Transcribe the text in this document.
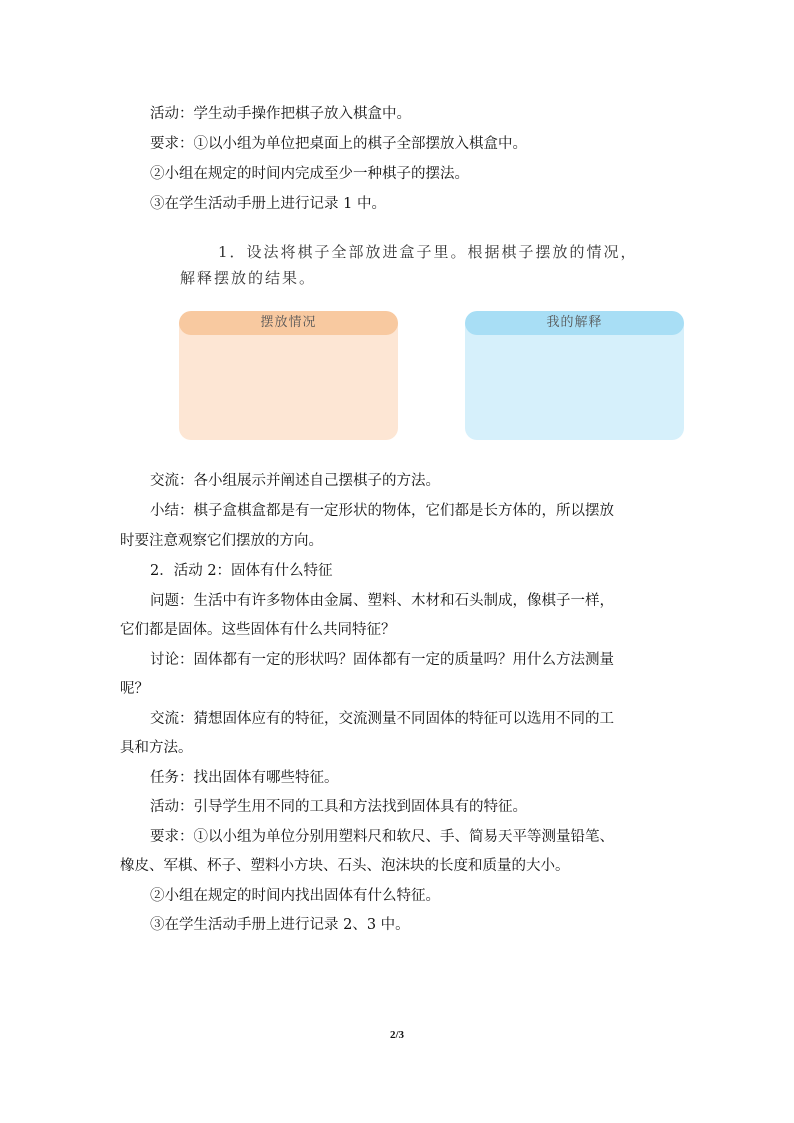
活动：学生动手操作把棋子放入棋盒中。

要求：①以小组为单位把桌面上的棋子全部摆放入棋盒中。

②小组在规定的时间内完成至少一种棋子的摆法。

③在学生活动手册上进行记录 1 中。

1．设法将棋子全部放进盒子里。根据棋子摆放的情况，

解释摆放的结果。

摆放情况	我的解释

交流：各小组展示并阐述自己摆棋子的方法。

小结：棋子盒棋盒都是有一定形状的物体，它们都是长方体的，所以摆放

时要注意观察它们摆放的方向。

2．活动 2：固体有什么特征

问题：生活中有许多物体由金属、塑料、木材和石头制成，像棋子一样，

它们都是固体。这些固体有什么共同特征？

讨论：固体都有一定的形状吗？固体都有一定的质量吗？用什么方法测量

呢？

交流：猜想固体应有的特征，交流测量不同固体的特征可以选用不同的工

具和方法。

任务：找出固体有哪些特征。

活动：引导学生用不同的工具和方法找到固体具有的特征。

要求：①以小组为单位分别用塑料尺和软尺、手、简易天平等测量铅笔、

橡皮、军棋、杯子、塑料小方块、石头、泡沫块的长度和质量的大小。

②小组在规定的时间内找出固体有什么特征。

③在学生活动手册上进行记录 2、3 中。

2/3
